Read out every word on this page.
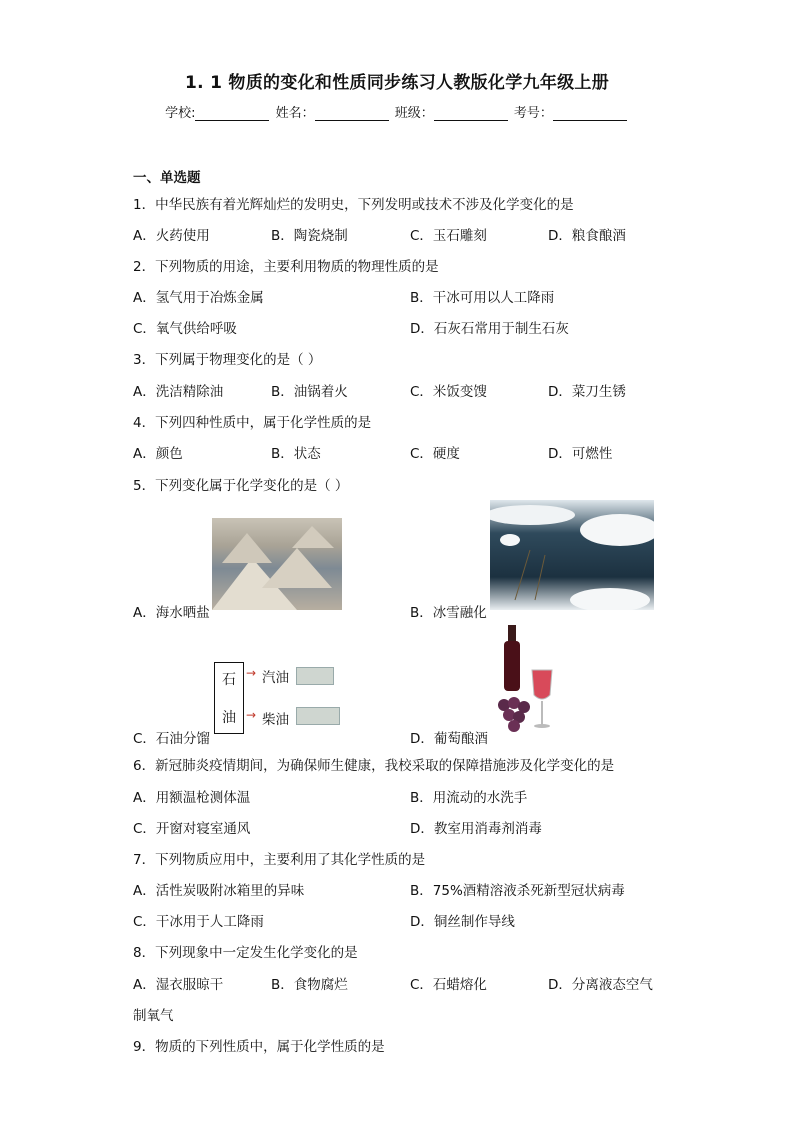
1. 1 物质的变化和性质同步练习人教版化学九年级上册
学校:	姓名：	班级：	考号：
一、单选题
1．中华民族有着光辉灿烂的发明史，下列发明或技术不涉及化学变化的是
A．火药使用	B．陶瓷烧制	C．玉石雕刻	D．粮食酿酒
2．下列物质的用途，主要利用物质的物理性质的是
A．氢气用于冶炼金属	B．干冰可用以人工降雨
C．氧气供给呼吸	D．石灰石常用于制生石灰
3．下列属于物理变化的是（ ）
A．洗洁精除油	B．油锅着火	C．米饭变馊	D．菜刀生锈
4．下列四种性质中，属于化学性质的是
A．颜色	B．状态	C．硬度	D．可燃性
5．下列变化属于化学变化的是（ ）
A．海水晒盐	B．冰雪融化
石
油
→ 汽油
→ 柴油
C．石油分馏	D．葡萄酿酒
6．新冠肺炎疫情期间，为确保师生健康，我校采取的保障措施涉及化学变化的是
A．用额温枪测体温	B．用流动的水洗手
C．开窗对寝室通风	D．教室用消毒剂消毒
7．下列物质应用中，主要利用了其化学性质的是
A．活性炭吸附冰箱里的异味	B．75%酒精溶液杀死新型冠状病毒
C．干冰用于人工降雨	D．铜丝制作导线
8．下列现象中一定发生化学变化的是
A．湿衣服晾干	B．食物腐烂	C．石蜡熔化	D．分离液态空气
制氧气
9．物质的下列性质中，属于化学性质的是
